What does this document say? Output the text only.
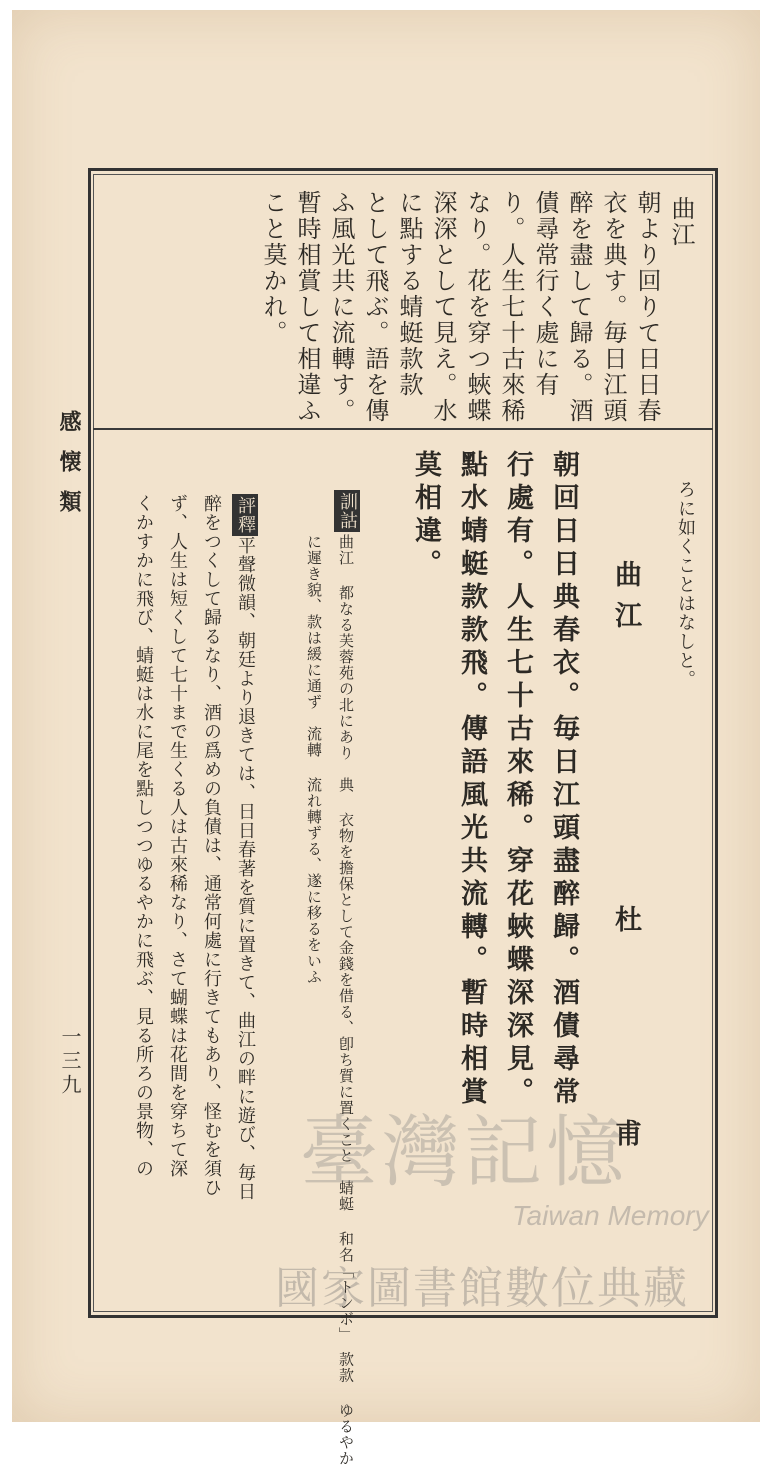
感懐類
一三九
曲江
朝より回りて日日春
衣を典す。毎日江頭
醉を盡して歸る。酒
債尋常行く處に有
り。人生七十古來稀
なり。花を穿つ蛺蝶
深深として見え。水
に點する蜻蜓款款
として飛ぶ。語を傳
ふ風光共に流轉す。
暫時相賞して相違ふ
こと莫かれ。
ろに如くことはなしと。
曲江
杜　甫
朝回日日典春衣。毎日江頭盡醉歸。酒債尋常
行處有。人生七十古來稀。穿花蛺蝶深深見。
點水蜻蜓款款飛。傳語風光共流轉。暫時相賞
莫相違。
訓詁
曲江 都なる芙蓉苑の北にあり　典 衣物を擔保として金錢を借る、卽ち質に置くこと　蜻蜓 和名「トンボ」　款款 ゆるやか
に遲き貌、款は緩に通ず　流轉 流れ轉ずる、遂に移るをいふ
評釋
平聲微韻、朝廷より退きては、日日春著を質に置きて、曲江の畔に遊び、毎日
醉をつくして歸るなり、酒の爲めの負債は、通常何處に行きてもあり、怪むを須ひ
ず、人生は短くして七十まで生くる人は古來稀なり、さて蝴蝶は花間を穿ちて深
くかすかに飛び、蜻蜓は水に尾を點しつつゆるやかに飛ぶ、見る所ろの景物、の 臺灣記憶
Taiwan Memory
國家圖書館數位典藏
